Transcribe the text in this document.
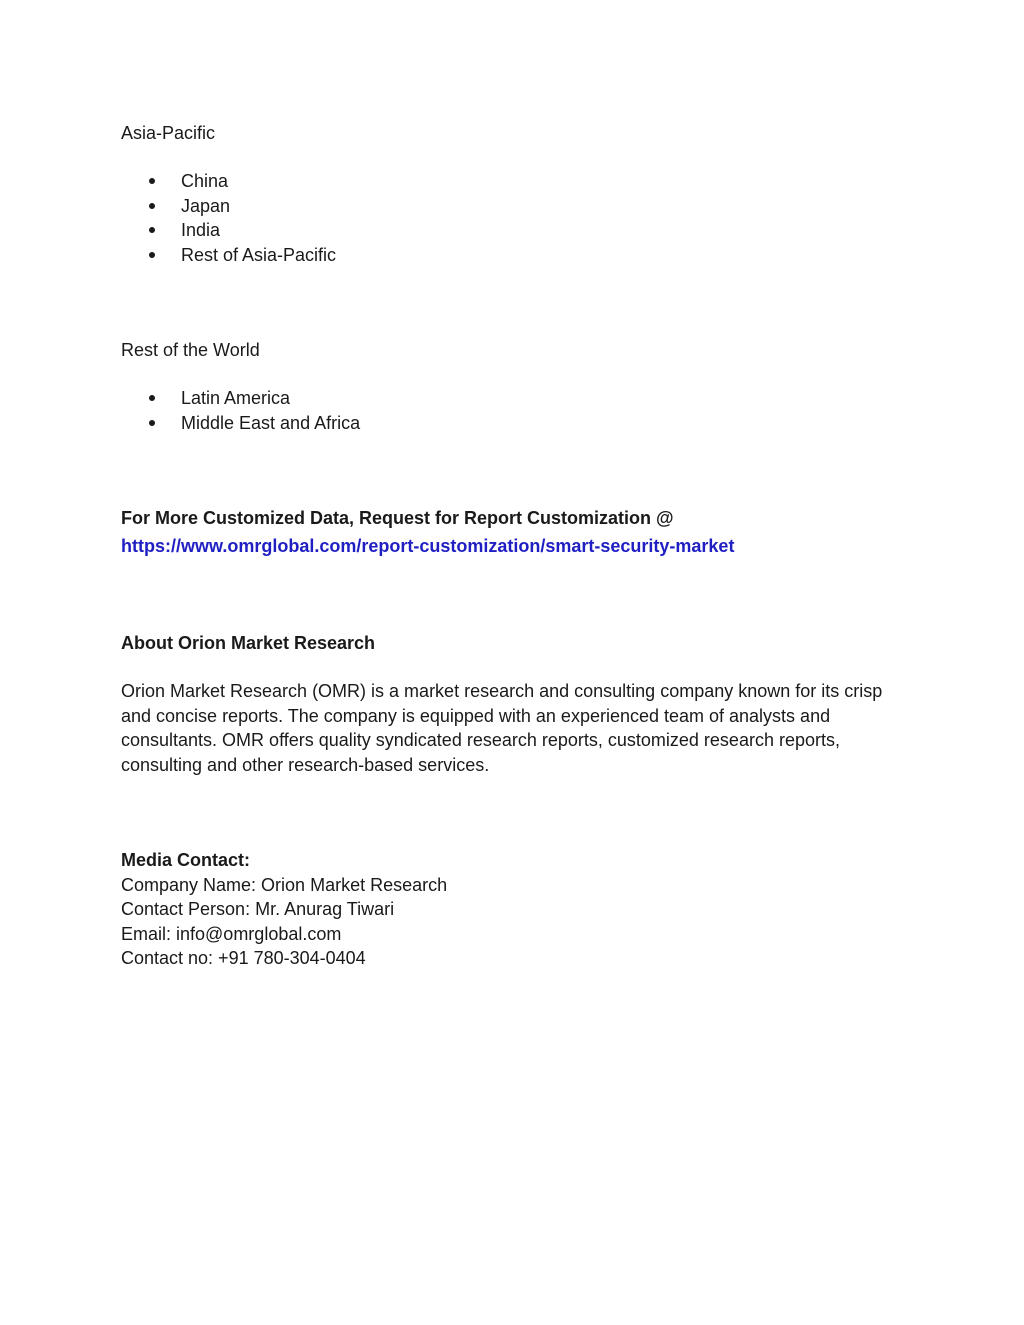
Asia-Pacific

China
Japan
India
Rest of Asia-Pacific

Rest of the World

Latin America
Middle East and Africa
For More Customized Data, Request for Report Customization @
https://www.omrglobal.com/report-customization/smart-security-market
About Orion Market Research
Orion Market Research (OMR) is a market research and consulting company known for its crisp
and concise reports. The company is equipped with an experienced team of analysts and
consultants. OMR offers quality syndicated research reports, customized research reports,
consulting and other research-based services.
Media Contact:
Company Name: Orion Market Research
Contact Person: Mr. Anurag Tiwari
Email: info@omrglobal.com
Contact no: +91 780-304-0404
